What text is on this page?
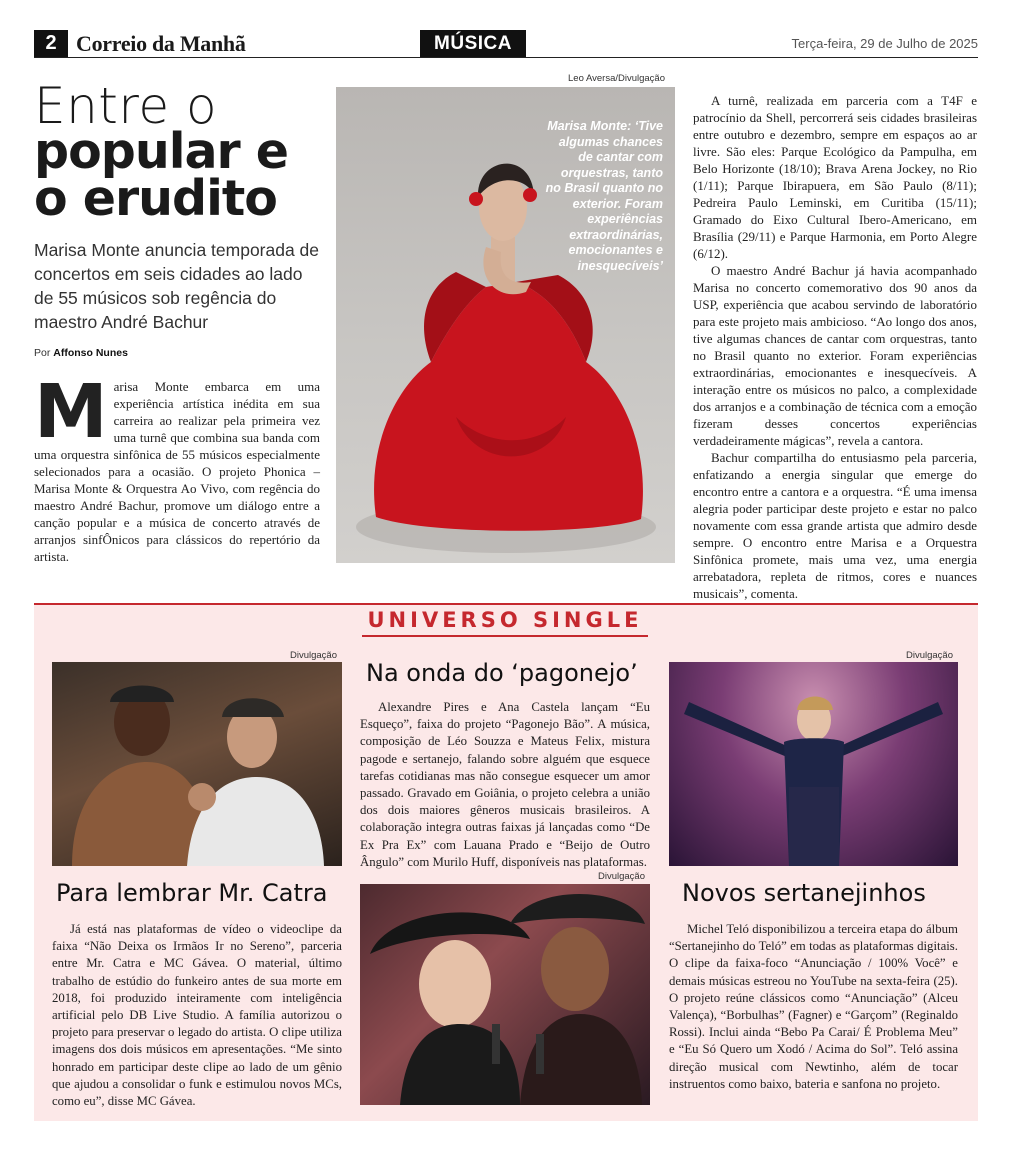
2 Correio da Manhã	MÚSICA	Terça-feira, 29 de Julho de 2025
Entre o
popular e
o erudito
Marisa Monte anuncia temporada de concertos em seis cidades ao lado de 55 músicos sob regência do maestro André Bachur
Por Affonso Nunes
M arisa Monte embarca em uma experiência artística inédita em sua carreira ao realizar pela primeira vez uma turnê que combina sua banda com uma orquestra sinfônica de 55 músicos especialmente selecionados para a ocasião. O projeto Phonica – Marisa Monte & Orquestra Ao Vivo, com regência do maestro André Bachur, promove um diálogo entre a canção popular e a música de concerto através de arranjos sinfÔnicos para clássicos do repertório da artista.

Leo Aversa/Divulgação
Marisa Monte: ‘Tive algumas chances de cantar com orquestras, tanto no Brasil quanto no exterior. Foram experiências extraordinárias, emocionantes e inesquecíveis’

A turnê, realizada em parceria com a T4F e patrocínio da Shell, percorrerá seis cidades brasileiras entre outubro e dezembro, sempre em espaços ao ar livre. São eles: Parque Ecológico da Pampulha, em Belo Horizonte (18/10); Brava Arena Jockey, no Rio (1/11); Parque Ibirapuera, em São Paulo (8/11); Pedreira Paulo Leminski, em Curitiba (15/11); Gramado do Eixo Cultural Ibero-Americano, em Brasília (29/11) e Parque Harmonia, em Porto Alegre (6/12).

O maestro André Bachur já havia acompanhado Marisa no concerto comemorativo dos 90 anos da USP, experiência que acabou servindo de laboratório para este projeto mais ambicioso. “Ao longo dos anos, tive algumas chances de cantar com orquestras, tanto no Brasil quanto no exterior. Foram experiências extraordinárias, emocionantes e inesquecíveis. A interação entre os músicos no palco, a complexidade dos arranjos e a combinação de técnica com a emoção fizeram desses concertos experiências verdadeiramente mágicas”, revela a cantora.

Bachur compartilha do entusiasmo pela parceria, enfatizando a energia singular que emerge do encontro entre a cantora e a orquestra. “É uma imensa alegria poder participar deste projeto e estar no palco novamente com essa grande artista que admiro desde sempre. O encontro entre Marisa e a Orquestra Sinfônica promete, mais uma vez, uma energia arrebatadora, repleta de ritmos, cores e nuances musicais”, comenta.

UNIVERSO SINGLE
Divulgação
Para lembrar Mr. Catra

Já está nas plataformas de vídeo o videoclipe da faixa “Não Deixa os Irmãos Ir no Sereno”, parceria entre Mr. Catra e MC Gávea. O material, último trabalho de estúdio do funkeiro antes de sua morte em 2018, foi produzido inteiramente com inteligência artificial pelo DB Live Studio. A família autorizou o projeto para preservar o legado do artista. O clipe utiliza imagens dos dois músicos em apresentações. “Me sinto honrado em participar deste clipe ao lado de um gênio que ajudou a consolidar o funk e estimulou novos MCs, como eu”, disse MC Gávea.

Na onda do ‘pagonejo’

Alexandre Pires e Ana Castela lançam “Eu Esqueço”, faixa do projeto “Pagonejo Bão”. A música, composição de Léo Souzza e Mateus Felix, mistura pagode e sertanejo, falando sobre alguém que esquece tarefas cotidianas mas não consegue esquecer um amor passado. Gravado em Goiânia, o projeto celebra a união dos dois maiores gêneros musicais brasileiros. A colaboração integra outras faixas já lançadas como “De Ex Pra Ex” com Lauana Prado e “Beijo de Outro Ângulo” com Murilo Huff, disponíveis nas plataformas.

Divulgação
Divulgação
Novos sertanejinhos

Michel Teló disponibilizou a terceira etapa do álbum “Sertanejinho do Teló” em todas as plataformas digitais. O clipe da faixa-foco “Anunciação / 100% Você” e demais músicas estreou no YouTube na sexta-feira (25). O projeto reúne clássicos como “Anunciação” (Alceu Valença), “Borbulhas” (Fagner) e “Garçom” (Reginaldo Rossi). Inclui ainda “Bebo Pa Carai/ É Problema Meu” e “Eu Só Quero um Xodó / Acima do Sol”. Teló assina direção musical com Newtinho, além de tocar instruentos como baixo, bateria e sanfona no projeto.
